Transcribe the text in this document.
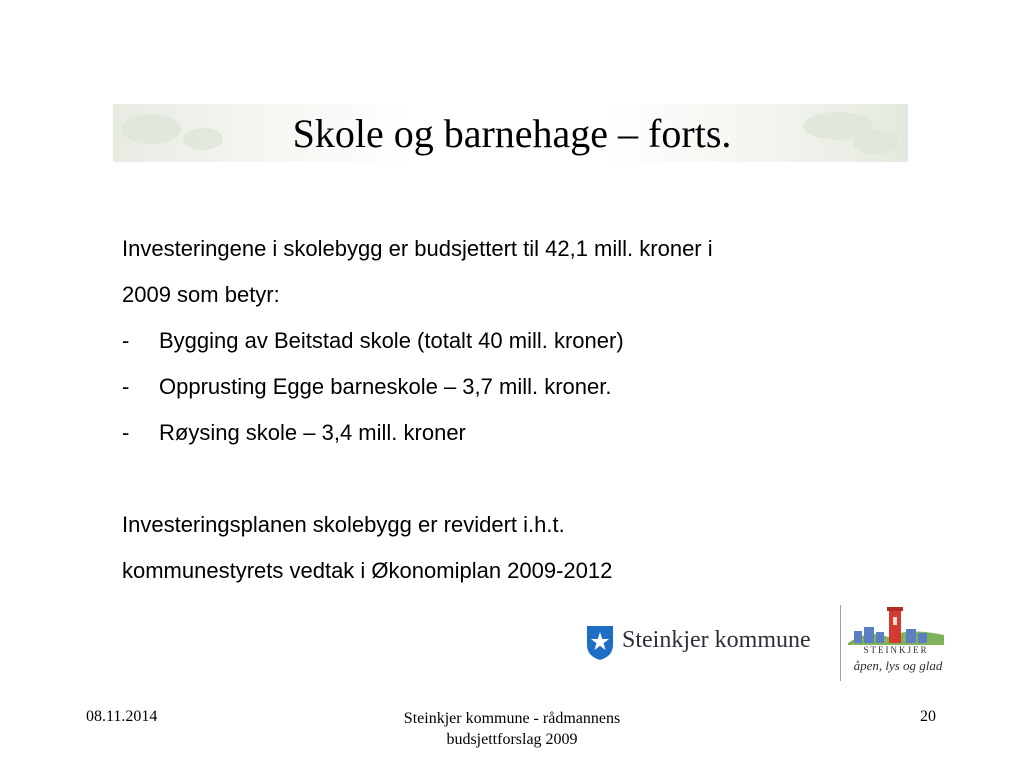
Skole og barnehage – forts.

Investeringene i skolebygg er budsjettert til 42,1 mill. kroner i

2009 som betyr:

-	Bygging av Beitstad skole (totalt 40 mill. kroner)
-	Opprusting Egge barneskole – 3,7 mill. kroner.
-	Røysing skole – 3,4 mill. kroner

Investeringsplanen skolebygg er revidert i.h.t.

kommunestyrets vedtak i Økonomiplan 2009-2012

Steinkjer kommune	STEINKJER
åpen, lys og glad
08.11.2014	Steinkjer kommune - rådmannens
budsjettforslag 2009
20
